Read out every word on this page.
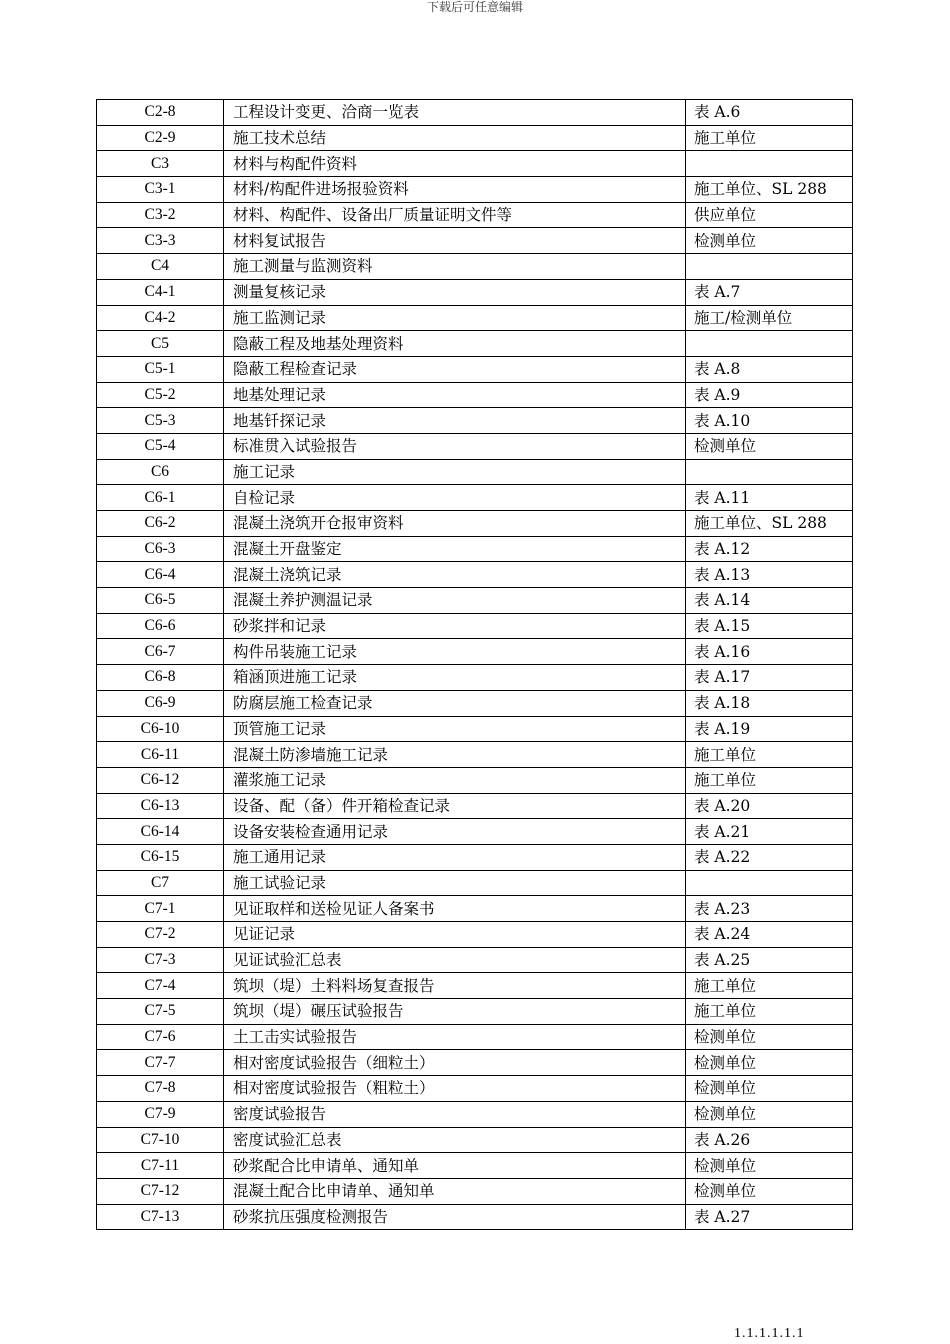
下载后可任意编辑
C2-8	工程设计变更、洽商一览表	表 A.6
C2-9	施工技术总结	施工单位
C3	材料与构配件资料	
C3-1	材料/构配件进场报验资料	施工单位、SL 288
C3-2	材料、构配件、设备出厂质量证明文件等	供应单位
C3-3	材料复试报告	检测单位
C4	施工测量与监测资料	
C4-1	测量复核记录	表 A.7
C4-2	施工监测记录	施工/检测单位
C5	隐蔽工程及地基处理资料	
C5-1	隐蔽工程检查记录	表 A.8
C5-2	地基处理记录	表 A.9
C5-3	地基钎探记录	表 A.10
C5-4	标准贯入试验报告	检测单位
C6	施工记录	
C6-1	自检记录	表 A.11
C6-2	混凝土浇筑开仓报审资料	施工单位、SL 288
C6-3	混凝土开盘鉴定	表 A.12
C6-4	混凝土浇筑记录	表 A.13
C6-5	混凝土养护测温记录	表 A.14
C6-6	砂浆拌和记录	表 A.15
C6-7	构件吊装施工记录	表 A.16
C6-8	箱涵顶进施工记录	表 A.17
C6-9	防腐层施工检查记录	表 A.18
C6-10	顶管施工记录	表 A.19
C6-11	混凝土防渗墙施工记录	施工单位
C6-12	灌浆施工记录	施工单位
C6-13	设备、配（备）件开箱检查记录	表 A.20
C6-14	设备安装检查通用记录	表 A.21
C6-15	施工通用记录	表 A.22
C7	施工试验记录	
C7-1	见证取样和送检见证人备案书	表 A.23
C7-2	见证记录	表 A.24
C7-3	见证试验汇总表	表 A.25
C7-4	筑坝（堤）土料料场复查报告	施工单位
C7-5	筑坝（堤）碾压试验报告	施工单位
C7-6	土工击实试验报告	检测单位
C7-7	相对密度试验报告（细粒土）	检测单位
C7-8	相对密度试验报告（粗粒土）	检测单位
C7-9	密度试验报告	检测单位
C7-10	密度试验汇总表	表 A.26
C7-11	砂浆配合比申请单、通知单	检测单位
C7-12	混凝土配合比申请单、通知单	检测单位
C7-13	砂浆抗压强度检测报告	表 A.27
1.1.1.1.1.1
